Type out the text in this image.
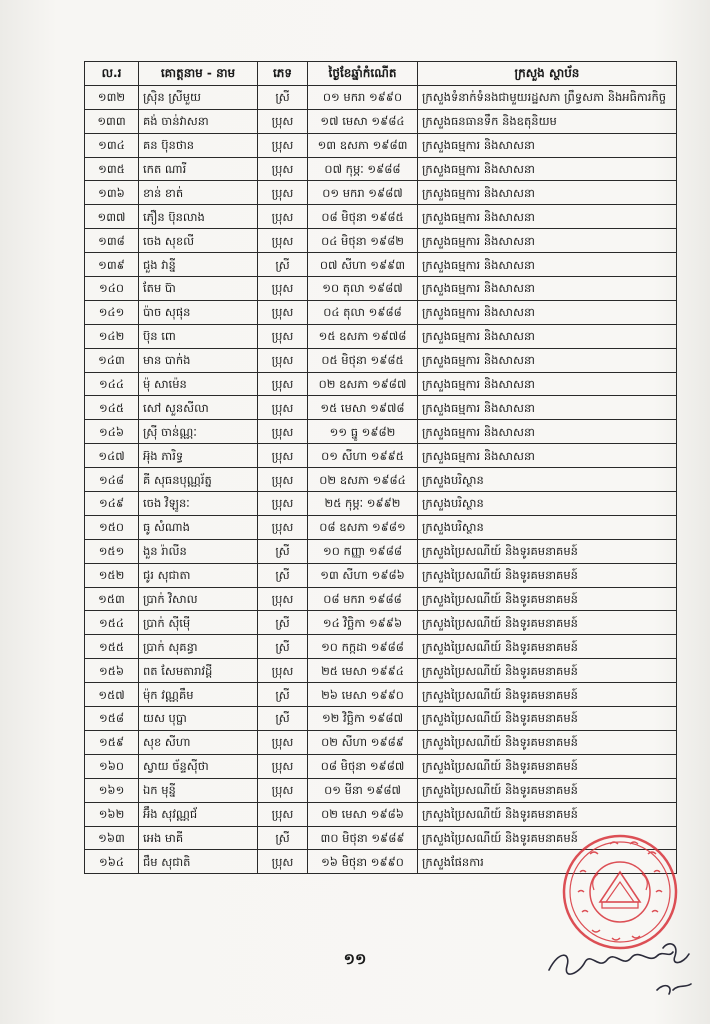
ល.រ	គោត្តនាម - នាម	ភេទ	ថ្ងៃខែឆ្នាំកំណើត	ក្រសួង ស្ថាប័ន
១៣២	ស្រ៊ិន ស្រីមួយ	ស្រី	០១ មករា ១៩៩០	ក្រសួងទំនាក់ទំនងជាមួយរដ្ឋសភា ព្រឹទ្ធសភា និងអធិការកិច្ច
១៣៣	គង់ ចាន់វាសនា	ប្រុស	១៧ មេសា ១៩៨៤	ក្រសួងធនធានទឹក និងឧតុនិយម
១៣៤	គន ប៊ុនថាន	ប្រុស	១៣ ឧសភា ១៩៨៣	ក្រសួងធម្មការ និងសាសនា
១៣៥	កេត ណារី	ប្រុស	០៧ កុម្ភៈ ១៩៨៨	ក្រសួងធម្មការ និងសាសនា
១៣៦	ខាន់ ខាត់	ប្រុស	០១ មករា ១៩៨៧	ក្រសួងធម្មការ និងសាសនា
១៣៧	ភឿន ប៊ុនលាង	ប្រុស	០៨ មិថុនា ១៩៨៥	ក្រសួងធម្មការ និងសាសនា
១៣៨	ចេង សុខលី	ប្រុស	០៤ មិថុនា ១៩៨២	ក្រសួងធម្មការ និងសាសនា
១៣៩	ជួង វាន្នី	ស្រី	០៧ សីហា ១៩៩៣	ក្រសួងធម្មការ និងសាសនា
១៤០	តែម ប៊ា	ប្រុស	១០ តុលា ១៩៨៧	ក្រសួងធម្មការ និងសាសនា
១៤១	ប៉ាច សុផុន	ប្រុស	០៤ តុលា ១៩៨៨	ក្រសួងធម្មការ និងសាសនា
១៤២	ប៊ុន ពោ	ប្រុស	១៥ ឧសភា ១៩៧៨	ក្រសួងធម្មការ និងសាសនា
១៤៣	មាន បាក់ង	ប្រុស	០៥ មិថុនា ១៩៨៥	ក្រសួងធម្មការ និងសាសនា
១៤៤	ម៉ុ សាម៉េន	ប្រុស	០២ ឧសភា ១៩៨៧	ក្រសួងធម្មការ និងសាសនា
១៤៥	សៅ សួនសីលា	ប្រុស	១៥ មេសា ១៩៧៨	ក្រសួងធម្មការ និងសាសនា
១៤៦	ស្រ៊ី ចាន់ណ្ណៈ	ប្រុស	១១ ធ្នូ ១៩៨២	ក្រសួងធម្មការ និងសាសនា
១៤៧	អ៊ុង ភារិទ្ធ	ប្រុស	០១ សីហា ១៩៩៥	ក្រសួងធម្មការ និងសាសនា
១៤៨	គី សុធនបុណ្ណរ័ត្ន	ប្រុស	០២ ឧសភា ១៩៨៤	ក្រសួងបរិស្ថាន
១៤៩	ចេង វិឡូនៈ	ប្រុស	២៥ កុម្ភៈ ១៩៩២	ក្រសួងបរិស្ថាន
១៥០	ធូ សំណាង	ប្រុស	០៨ ឧសភា ១៩៨១	ក្រសួងបរិស្ថាន
១៥១	ងួន រ៉ាលីន	ស្រី	១០ កញ្ញា ១៩៨៨	ក្រសួងប្រៃសណីយ៍ និងទូរគមនាគមន៍
១៥២	ជូរ សុជាតា	ស្រី	១៣ សីហា ១៩៨៦	ក្រសួងប្រៃសណីយ៍ និងទូរគមនាគមន៍
១៥៣	ប្រាក់ វិសាល	ប្រុស	០៨ មករា ១៩៨៨	ក្រសួងប្រៃសណីយ៍ និងទូរគមនាគមន៍
១៥៤	ប្រាក់ ស៊ីម៉ើ	ស្រី	១៤ វិច្ឆិកា ១៩៩៦	ក្រសួងប្រៃសណីយ៍ និងទូរគមនាគមន៍
១៥៥	ប្រាក់ សុគន្ធា	ស្រី	១០ កក្កដា ១៩៨៨	ក្រសួងប្រៃសណីយ៍ និងទូរគមនាគមន៍
១៥៦	ពត សែមតារាវដ្ដី	ប្រុស	២៥ មេសា ១៩៩៤	ក្រសួងប្រៃសណីយ៍ និងទូរគមនាគមន៍
១៥៧	ម៉ុក វណ្ណគឹម	ស្រី	២៦ មេសា ១៩៩០	ក្រសួងប្រៃសណីយ៍ និងទូរគមនាគមន៍
១៥៨	យស បុប្ផា	ស្រី	១២ វិច្ឆិកា ១៩៨៧	ក្រសួងប្រៃសណីយ៍ និងទូរគមនាគមន៍
១៥៩	សុខ សីហា	ប្រុស	០២ សីហា ១៩៨៩	ក្រសួងប្រៃសណីយ៍ និងទូរគមនាគមន៍
១៦០	ស្វាយ ច័ន្ទស៊ីថា	ប្រុស	០៨ មិថុនា ១៩៨៧	ក្រសួងប្រៃសណីយ៍ និងទូរគមនាគមន៍
១៦១	ឯក មុន្នី	ប្រុស	០១ មីនា ១៩៨៧	ក្រសួងប្រៃសណីយ៍ និងទូរគមនាគមន៍
១៦២	អ៊ឹង សុវណ្ណជ័	ប្រុស	០២ មេសា ១៩៨៦	ក្រសួងប្រៃសណីយ៍ និងទូរគមនាគមន៍
១៦៣	អេង មាគី	ស្រី	៣០ មិថុនា ១៩៨៩	ក្រសួងប្រៃសណីយ៍ និងទូរគមនាគមន៍
១៦៤	ជឹម សុជាតិ	ប្រុស	១៦ មិថុនា ១៩៩០	ក្រសួងផែនការ
១១
